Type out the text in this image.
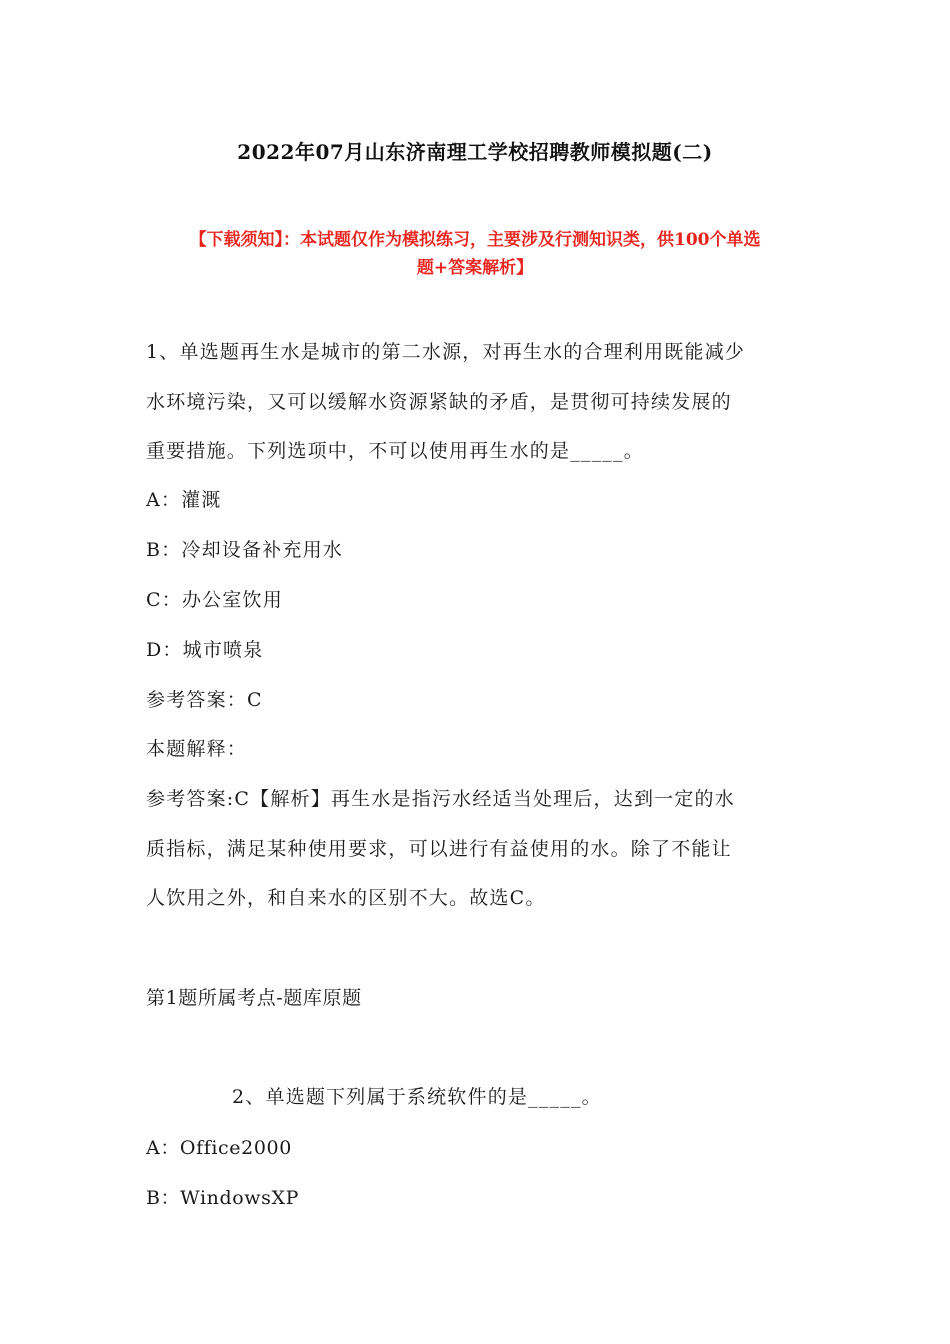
2022年07月山东济南理工学校招聘教师模拟题(二)
【下载须知】：本试题仅作为模拟练习，主要涉及行测知识类，供100个单选
题+答案解析】
1、单选题再生水是城市的第二水源，对再生水的合理利用既能减少
水环境污染，又可以缓解水资源紧缺的矛盾，是贯彻可持续发展的
重要措施。下列选项中，不可以使用再生水的是_____。
A：灌溉
B：冷却设备补充用水
C：办公室饮用
D：城市喷泉
参考答案：C
本题解释：
参考答案:C【解析】再生水是指污水经适当处理后，达到一定的水
质指标，满足某种使用要求，可以进行有益使用的水。除了不能让
人饮用之外，和自来水的区别不大。故选C。
第1题所属考点-题库原题
2、单选题下列属于系统软件的是_____。
A：Office2000
B：WindowsXP
